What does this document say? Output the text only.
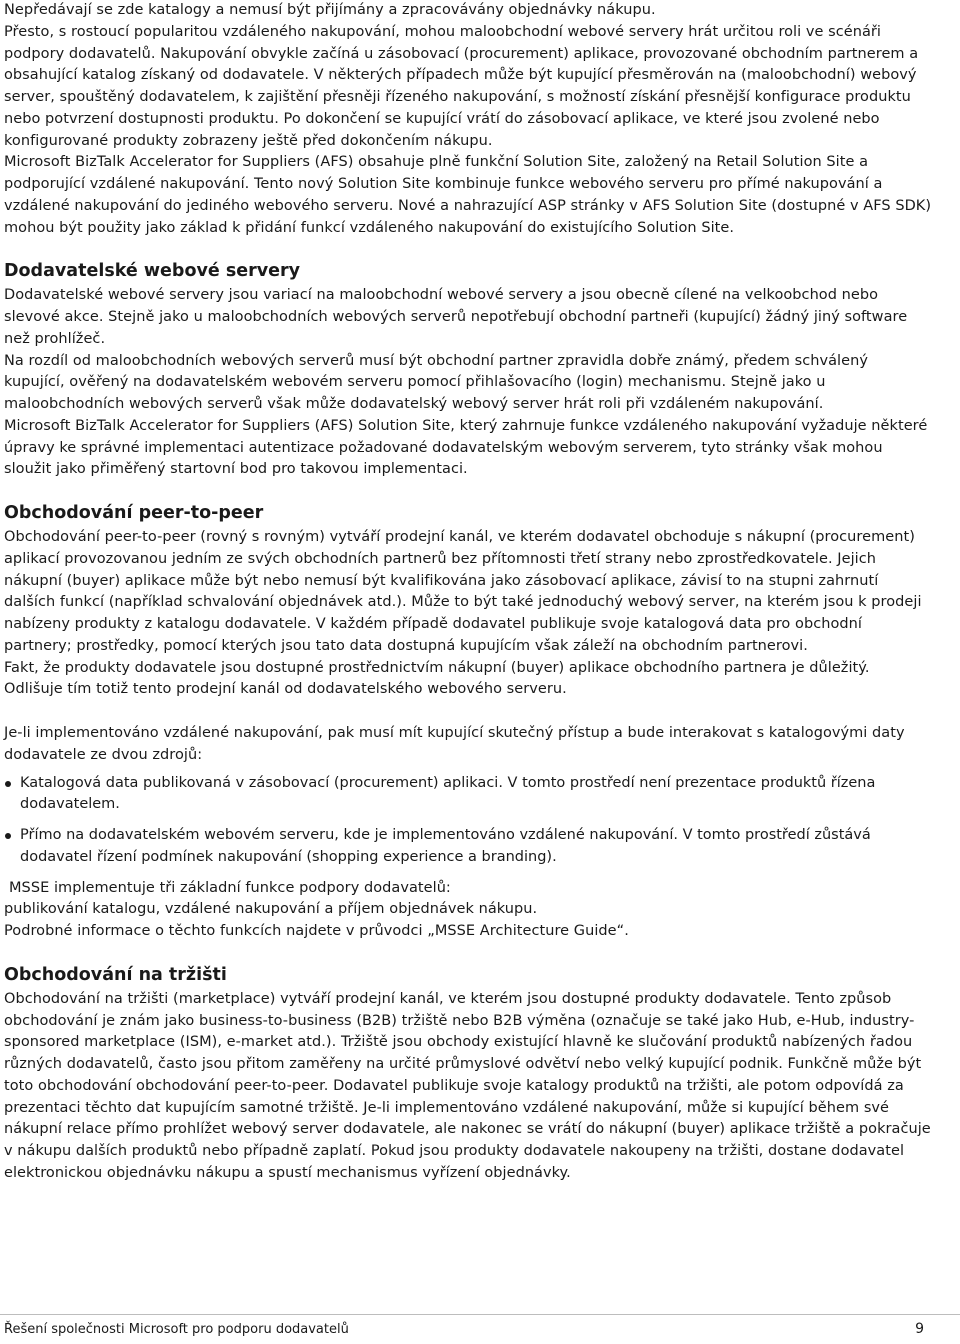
Nepředávají se zde katalogy a nemusí být přijímány a zpracovávány objednávky nákupu.

Přesto, s rostoucí popularitou vzdáleného nakupování, mohou maloobchodní webové servery hrát určitou roli ve scénáři podpory dodavatelů. Nakupování obvykle začíná u zásobovací (procurement) aplikace, provozované obchodním partnerem a obsahující katalog získaný od dodavatele. V některých případech může být kupující přesměrován na (maloobchodní) webový server, spouštěný dodavatelem, k zajištění přesněji řízeného nakupování, s možností získání přesnější konfigurace produktu nebo potvrzení dostupnosti produktu. Po dokončení se kupující vrátí do zásobovací aplikace, ve které jsou zvolené nebo konfigurované produkty zobrazeny ještě před dokončením nákupu.

Microsoft BizTalk Accelerator for Suppliers (AFS) obsahuje plně funkční Solution Site, založený na Retail Solution Site a podporující vzdálené nakupování. Tento nový Solution Site kombinuje funkce webového serveru pro přímé nakupování a vzdálené nakupování do jediného webového serveru. Nové a nahrazující ASP stránky v AFS Solution Site (dostupné v AFS SDK) mohou být použity jako základ k přidání funkcí vzdáleného nakupování do existujícího Solution Site.

Dodavatelské webové servery

Dodavatelské webové servery jsou variací na maloobchodní webové servery a jsou obecně cílené na velkoobchod nebo slevové akce. Stejně jako u maloobchodních webových serverů nepotřebují obchodní partneři (kupující) žádný jiný software než prohlížeč.

Na rozdíl od maloobchodních webových serverů musí být obchodní partner zpravidla dobře známý, předem schválený kupující, ověřený na dodavatelském webovém serveru pomocí přihlašovacího (login) mechanismu. Stejně jako u maloobchodních webových serverů však může dodavatelský webový server hrát roli při vzdáleném nakupování.

Microsoft BizTalk Accelerator for Suppliers (AFS) Solution Site, který zahrnuje funkce vzdáleného nakupování vyžaduje některé úpravy ke správné implementaci autentizace požadované dodavatelským webovým serverem, tyto stránky však mohou sloužit jako přiměřený startovní bod pro takovou implementaci.

Obchodování peer-to-peer

Obchodování peer-to-peer (rovný s rovným) vytváří prodejní kanál, ve kterém dodavatel obchoduje s nákupní (procurement) aplikací provozovanou jedním ze svých obchodních partnerů bez přítomnosti třetí strany nebo zprostředkovatele. Jejich nákupní (buyer) aplikace může být nebo nemusí být kvalifikována jako zásobovací aplikace, závisí to na stupni zahrnutí dalších funkcí (například schvalování objednávek atd.). Může to být také jednoduchý webový server, na kterém jsou k prodeji nabízeny produkty z katalogu dodavatele. V každém případě dodavatel publikuje svoje katalogová data pro obchodní partnery; prostředky, pomocí kterých jsou tato data dostupná kupujícím však záleží na obchodním partnerovi.

Fakt, že produkty dodavatele jsou dostupné prostřednictvím nákupní (buyer) aplikace obchodního partnera je důležitý. Odlišuje tím totiž tento prodejní kanál od dodavatelského webového serveru.

Je-li implementováno vzdálené nakupování, pak musí mít kupující skutečný přístup a bude interakovat s katalogovými daty dodavatele ze dvou zdrojů:

Katalogová data publikovaná v zásobovací (procurement) aplikaci. V tomto prostředí není prezentace produktů řízena dodavatelem.
Přímo na dodavatelském webovém serveru, kde je implementováno vzdálené nakupování. V tomto prostředí zůstává dodavatel řízení podmínek nakupování (shopping experience a branding).

MSSE implementuje tři základní funkce podpory dodavatelů:

publikování katalogu, vzdálené nakupování a příjem objednávek nákupu.

Podrobné informace o těchto funkcích najdete v průvodci „MSSE Architecture Guide“.

Obchodování na tržišti

Obchodování na tržišti (marketplace) vytváří prodejní kanál, ve kterém jsou dostupné produkty dodavatele. Tento způsob obchodování je znám jako business-to-business (B2B) tržiště nebo B2B výměna (označuje se také jako Hub, e-Hub, industry-sponsored marketplace (ISM), e-market atd.). Tržiště jsou obchody existující hlavně ke slučování produktů nabízených řadou různých dodavatelů, často jsou přitom zaměřeny na určité průmyslové odvětví nebo velký kupující podnik. Funkčně může být toto obchodování obchodování peer-to-peer. Dodavatel publikuje svoje katalogy produktů na tržišti, ale potom odpovídá za prezentaci těchto dat kupujícím samotné tržiště. Je-li implementováno vzdálené nakupování, může si kupující během své nákupní relace přímo prohlížet webový server dodavatele, ale nakonec se vrátí do nákupní (buyer) aplikace tržiště a pokračuje v nákupu dalších produktů nebo případně zaplatí. Pokud jsou produkty dodavatele nakoupeny na tržišti, dostane dodavatel elektronickou objednávku nákupu a spustí mechanismus vyřízení objednávky.

Řešení společnosti Microsoft pro podporu dodavatelů	9
